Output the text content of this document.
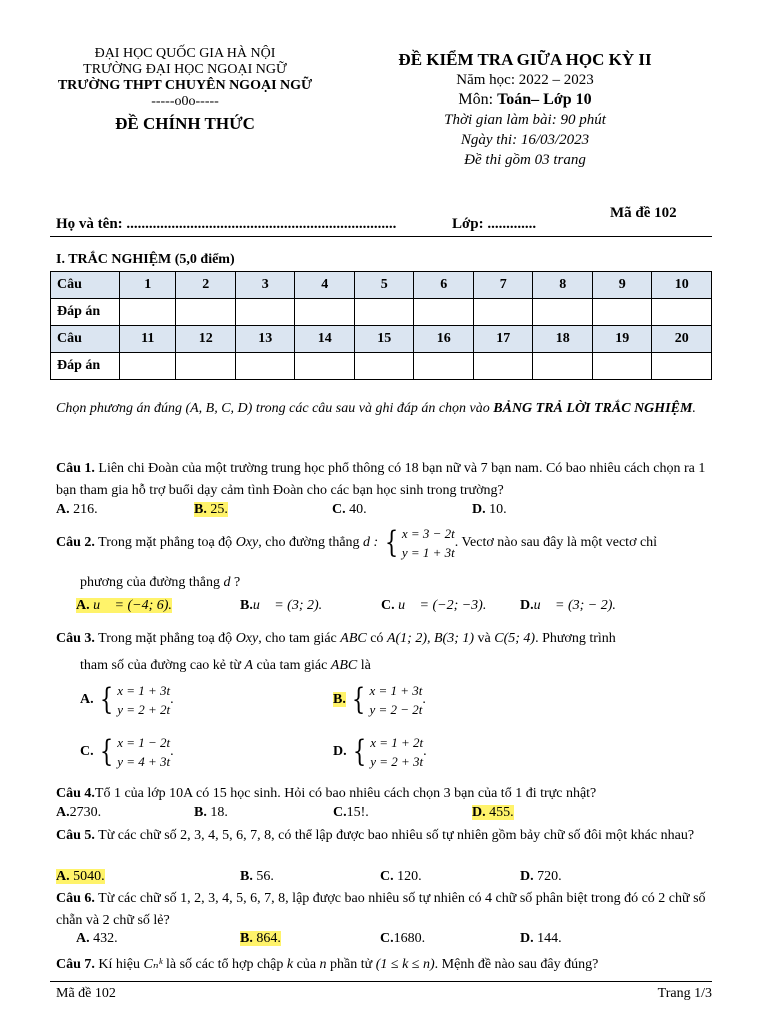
ĐẠI HỌC QUỐC GIA HÀ NỘI
TRƯỜNG ĐẠI HỌC NGOẠI NGỮ
TRƯỜNG THPT CHUYÊN NGOẠI NGỮ
-----o0o-----
ĐỀ CHÍNH THỨC
ĐỀ KIỂM TRA GIỮA HỌC KỲ II
Năm học: 2022 – 2023
Môn: Toán– Lớp 10
Thời gian làm bài: 90 phút
Ngày thi: 16/03/2023
Đề thi gồm 03 trang
Mã đề 102
Họ và tên: ........................................................................	Lớp: .............
I. TRẮC NGHIỆM (5,0 điểm)
Câu	1	2	3	4	5	6	7	8	9	10
Đáp án										
Câu	11	12	13	14	15	16	17	18	19	20
Đáp án										
Chọn phương án đúng (A, B, C, D) trong các câu sau và ghi đáp án chọn vào BẢNG TRẢ LỜI TRẮC NGHIỆM.
Câu 1. Liên chi Đoàn của một trường trung học phổ thông có 18 bạn nữ và 7 bạn nam. Có bao nhiêu cách chọn ra 1 bạn tham gia hỗ trợ buổi dạy cảm tình Đoàn cho các bạn học sinh trong trường?
A. 216.	B. 25.	C. 40.	D. 10.
Câu 2. Trong mặt phẳng toạ độ Oxy, cho đường thẳng d : { x = 3 − 2t
y = 1 + 3t
. Vectơ nào sau đây là một vectơ chỉ
phương của đường thẳng d ?
A. u⃗ = (−4; 6).	B.u⃗ = (3; 2).	C. u⃗ = (−2; −3). D.u⃗ = (3; − 2).
Câu 3. Trong mặt phẳng toạ độ Oxy, cho tam giác ABC có A(1; 2), B(3; 1) và C(5; 4). Phương trình
tham số của đường cao kẻ từ A của tam giác ABC là
A. { x = 1 + 3t
y = 2 + 2t
.	B. { x = 1 + 3t
y = 2 − 2t
.
C. { x = 1 − 2t
y = 4 + 3t
.	D. { x = 1 + 2t
y = 2 + 3t
.
Câu 4.Tổ 1 của lớp 10A có 15 học sinh. Hỏi có bao nhiêu cách chọn 3 bạn của tổ 1 đi trực nhật?
A.2730.	B. 18.	C.15!.	D. 455.
Câu 5. Từ các chữ số 2, 3, 4, 5, 6, 7, 8, có thể lập được bao nhiêu số tự nhiên gồm bảy chữ số đôi một khác nhau?
A. 5040.	B. 56.	C. 120.	D. 720.
Câu 6. Từ các chữ số 1, 2, 3, 4, 5, 6, 7, 8, lập được bao nhiêu số tự nhiên có 4 chữ số phân biệt trong đó có 2 chữ số chẵn và 2 chữ số lẻ?
A. 432.	B. 864.	C.1680.	D. 144.
Câu 7. Kí hiệu Cₙᵏ là số các tổ hợp chập k của n phần tử (1 ≤ k ≤ n). Mệnh đề nào sau đây đúng?
Mã đề 102	Trang 1/3
